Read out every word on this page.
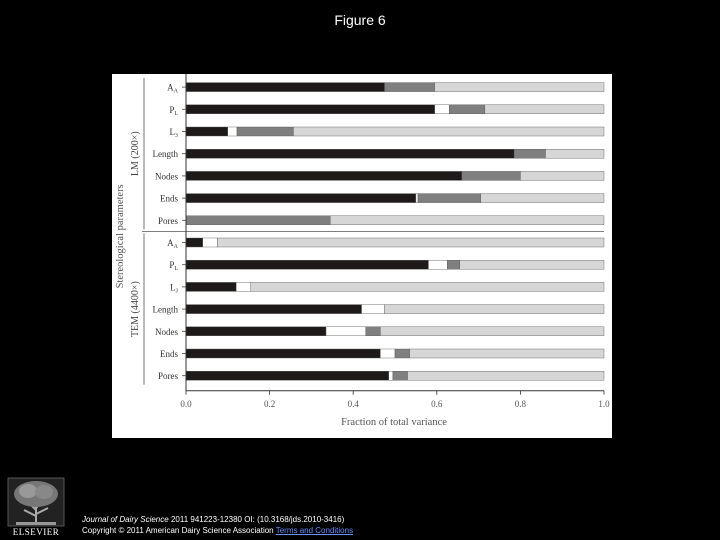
Figure 6
$A_A$
$P_L$
$L_3$
Length
Nodes
Ends
Pores
LM (200×)
$A_A$
$P_L$
$L_J$
Length
Nodes
Ends
Pores
TEM (4400×)
0.0	0.2	0.4	0.6	0.8	1.0
Fraction of total variance
Stereological parameters
ELSEVIER
Journal of Dairy Science 2011 941223-12380 OI: (10.3168/jds.2010-3416)
Copyright © 2011 American Dairy Science Association Terms and Conditions
